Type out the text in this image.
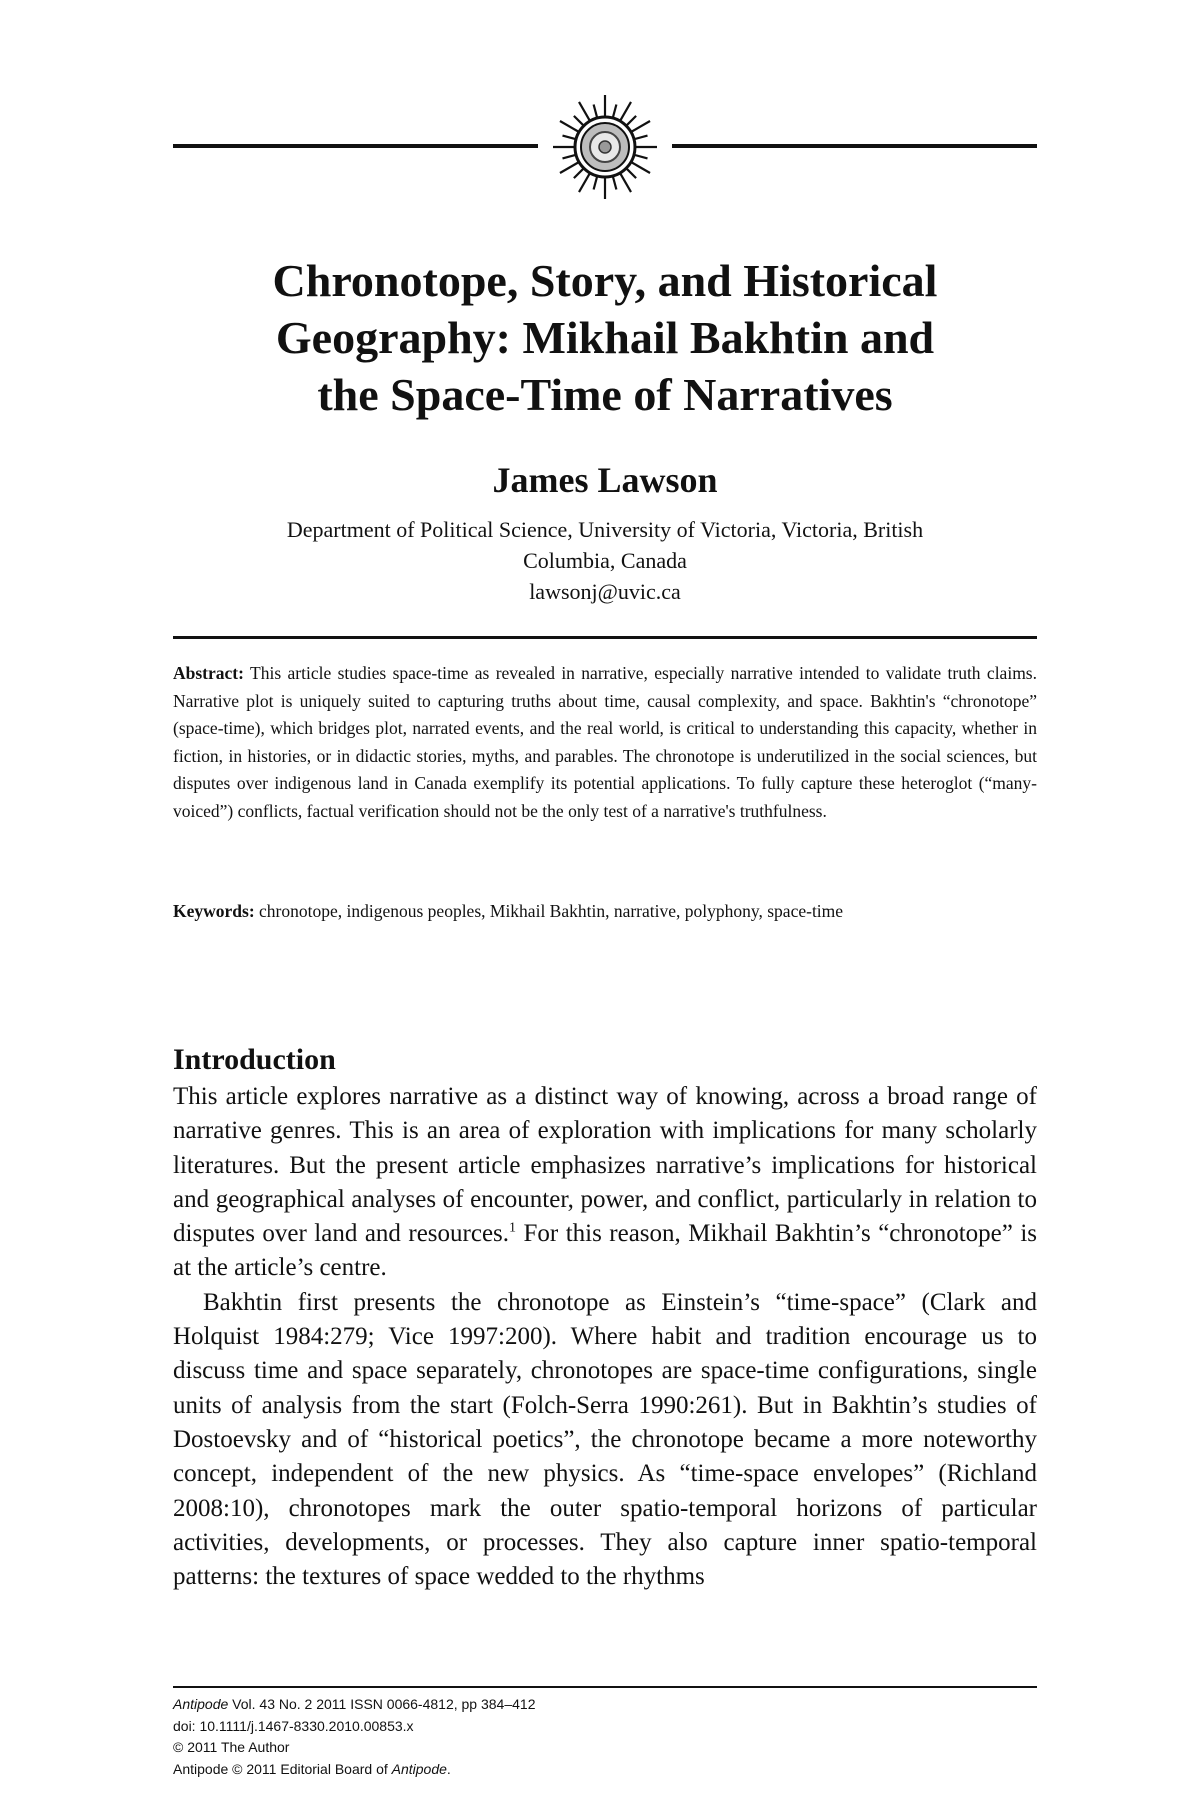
Chronotope, Story, and Historical
Geography: Mikhail Bakhtin and
the Space-Time of Narratives
James Lawson
Department of Political Science, University of Victoria, Victoria, British
Columbia, Canada
lawsonj@uvic.ca

Abstract: This article studies space-time as revealed in narrative, especially narrative intended to validate truth claims. Narrative plot is uniquely suited to capturing truths about time, causal complexity, and space. Bakhtin's “chronotope” (space-time), which bridges plot, narrated events, and the real world, is critical to understanding this capacity, whether in fiction, in histories, or in didactic stories, myths, and parables. The chronotope is underutilized in the social sciences, but disputes over indigenous land in Canada exemplify its potential applications. To fully capture these heteroglot (“many-voiced”) conflicts, factual verification should not be the only test of a narrative's truthfulness.

Keywords: chronotope, indigenous peoples, Mikhail Bakhtin, narrative, polyphony, space-time

Introduction

This article explores narrative as a distinct way of knowing, across a broad range of narrative genres. This is an area of exploration with implications for many scholarly literatures. But the present article emphasizes narrative’s implications for historical and geographical analyses of encounter, power, and conflict, particularly in relation to disputes over land and resources.$^1$ For this reason, Mikhail Bakhtin’s “chronotope” is at the article’s centre.

Bakhtin first presents the chronotope as Einstein’s “time-space” (Clark and Holquist 1984:279; Vice 1997:200). Where habit and tradition encourage us to discuss time and space separately, chronotopes are space-time configurations, single units of analysis from the start (Folch-Serra 1990:261). But in Bakhtin’s studies of Dostoevsky and of “historical poetics”, the chronotope became a more noteworthy concept, independent of the new physics. As “time-space envelopes” (Richland 2008:10), chronotopes mark the outer spatio-temporal horizons of particular activities, developments, or processes. They also capture inner spatio-temporal patterns: the textures of space wedded to the rhythms

Antipode Vol. 43 No. 2 2011 ISSN 0066-4812, pp 384–412
doi: 10.1111/j.1467-8330.2010.00853.x
© 2011 The Author
Antipode © 2011 Editorial Board of Antipode.
